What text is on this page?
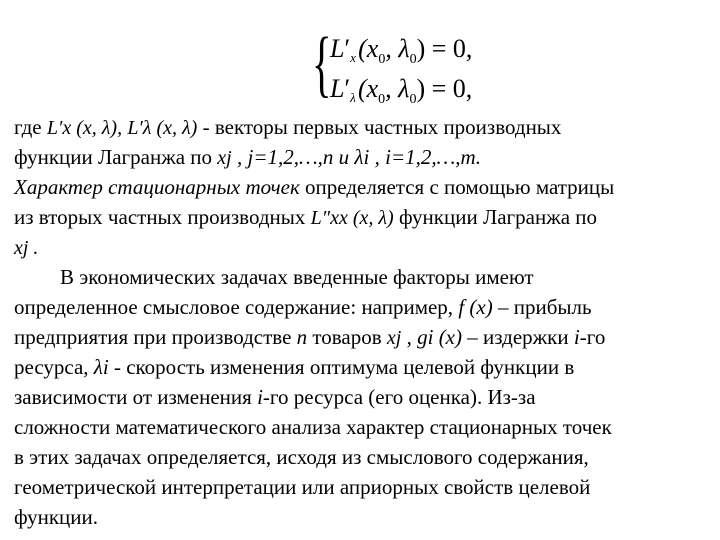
{
$L'_x$ ($x_0$, $\lambda_0) = 0$,
$L'_\lambda$ ($x_0$, $\lambda_0) = 0$,
где L′x (x, λ), L′λ (x, λ) - векторы первых частных производных
функции Лагранжа по xj , j=1,2,…,n и λi , i=1,2,…,m.
Характер стационарных точек определяется с помощью матрицы
из вторых частных производных L″xx (x, λ) функции Лагранжа по
xj .
В экономических задачах введенные факторы имеют
определенное смысловое содержание: например, f (x) – прибыль
предприятия при производстве n товаров xj , gi (x) – издержки i-го
ресурса, λi - скорость изменения оптимума целевой функции в
зависимости от изменения i-го ресурса (его оценка). Из-за
сложности математического анализа характер стационарных точек
в этих задачах определяется, исходя из смыслового содержания,
геометрической интерпретации или априорных свойств целевой
функции.
